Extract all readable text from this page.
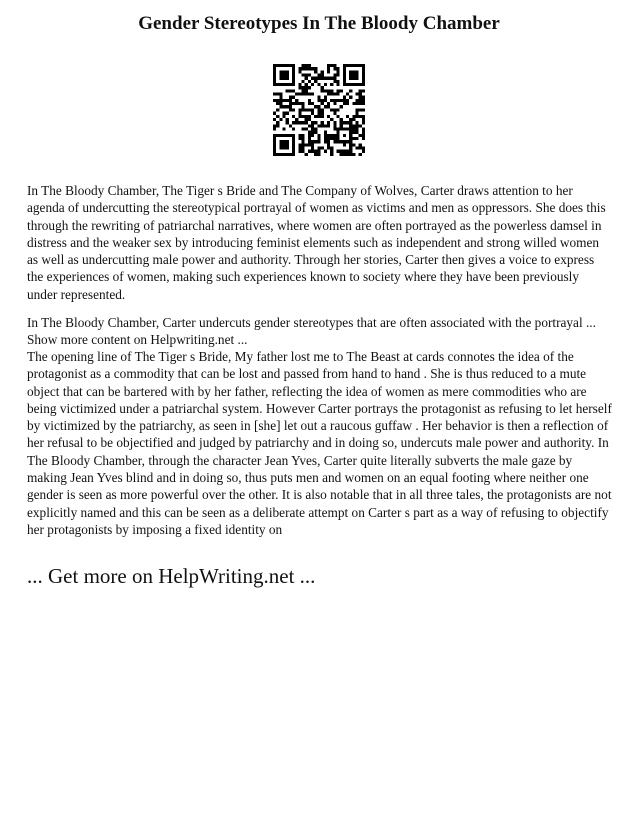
Gender Stereotypes In The Bloody Chamber

In The Bloody Chamber, The Tiger s Bride and The Company of Wolves, Carter draws attention to her agenda of undercutting the stereotypical portrayal of women as victims and men as oppressors. She does this through the rewriting of patriarchal narratives, where women are often portrayed as the powerless damsel in distress and the weaker sex by introducing feminist elements such as independent and strong willed women as well as undercutting male power and authority. Through her stories, Carter then gives a voice to express the experiences of women, making such experiences known to society where they have been previously under represented.

In The Bloody Chamber, Carter undercuts gender stereotypes that are often associated with the portrayal ... Show more content on Helpwriting.net ...

The opening line of The Tiger s Bride, My father lost me to The Beast at cards connotes the idea of the protagonist as a commodity that can be lost and passed from hand to hand . She is thus reduced to a mute object that can be bartered with by her father, reflecting the idea of women as mere commodities who are being victimized under a patriarchal system. However Carter portrays the protagonist as refusing to let herself by victimized by the patriarchy, as seen in [she] let out a raucous guffaw . Her behavior is then a reflection of her refusal to be objectified and judged by patriarchy and in doing so, undercuts male power and authority. In The Bloody Chamber, through the character Jean Yves, Carter quite literally subverts the male gaze by making Jean Yves blind and in doing so, thus puts men and women on an equal footing where neither one gender is seen as more powerful over the other. It is also notable that in all three tales, the protagonists are not explicitly named and this can be seen as a deliberate attempt on Carter s part as a way of refusing to objectify her protagonists by imposing a fixed identity on

... Get more on HelpWriting.net ...
